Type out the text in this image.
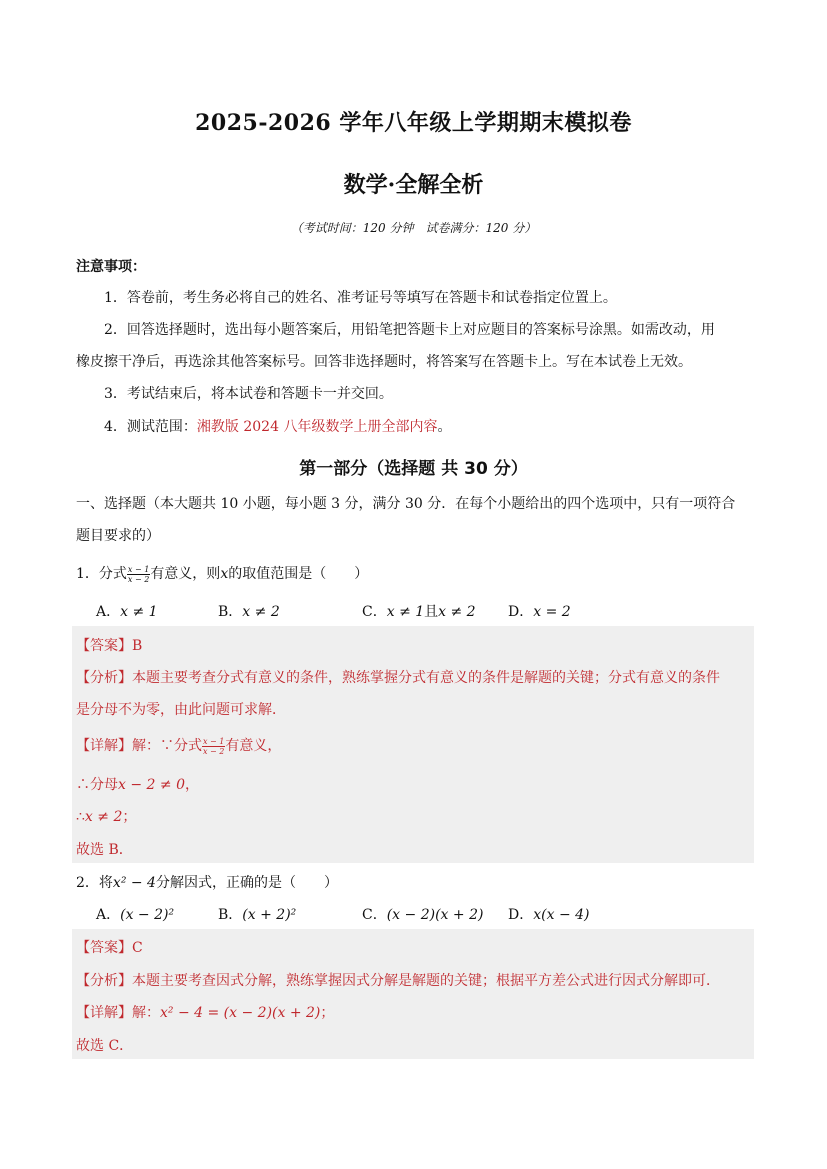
2025-2026 学年八年级上学期期末模拟卷
数学·全解全析
（考试时间：120 分钟　试卷满分：120 分）
注意事项：
1．答卷前，考生务必将自己的姓名、准考证号等填写在答题卡和试卷指定位置上。
2．回答选择题时，选出每小题答案后，用铅笔把答题卡上对应题目的答案标号涂黑。如需改动，用
橡皮擦干净后，再选涂其他答案标号。回答非选择题时，将答案写在答题卡上。写在本试卷上无效。
3．考试结束后，将本试卷和答题卡一并交回。
4．测试范围：湘教版 2024 八年级数学上册全部内容。
第一部分（选择题 共 30 分）
一、选择题（本大题共 10 小题，每小题 3 分，满分 30 分．在每个小题给出的四个选项中，只有一项符合
题目要求的）
1．分式 $\frac{x - 1}{x - 2}$ 有意义，则x的取值范围是（　　）
A．x ≠ 1	B．x ≠ 2	C．x ≠ 1且x ≠ 2 D．x = 2
【答案】B
【分析】本题主要考查分式有意义的条件，熟练掌握分式有意义的条件是解题的关键；分式有意义的条件
是分母不为零，由此问题可求解．
【详解】解：∵分式 $\frac{x - 1}{x - 2}$ 有意义，
∴分母x − 2 ≠ 0，
∴x ≠ 2；
故选 B．
2．将x² − 4分解因式，正确的是（　　）
A．(x − 2)²	B．(x + 2)²	C．(x − 2)(x + 2) D．x(x − 4)
【答案】C
【分析】本题主要考查因式分解，熟练掌握因式分解是解题的关键；根据平方差公式进行因式分解即可．
【详解】解：x² − 4 = (x − 2)(x + 2)；
故选 C．
